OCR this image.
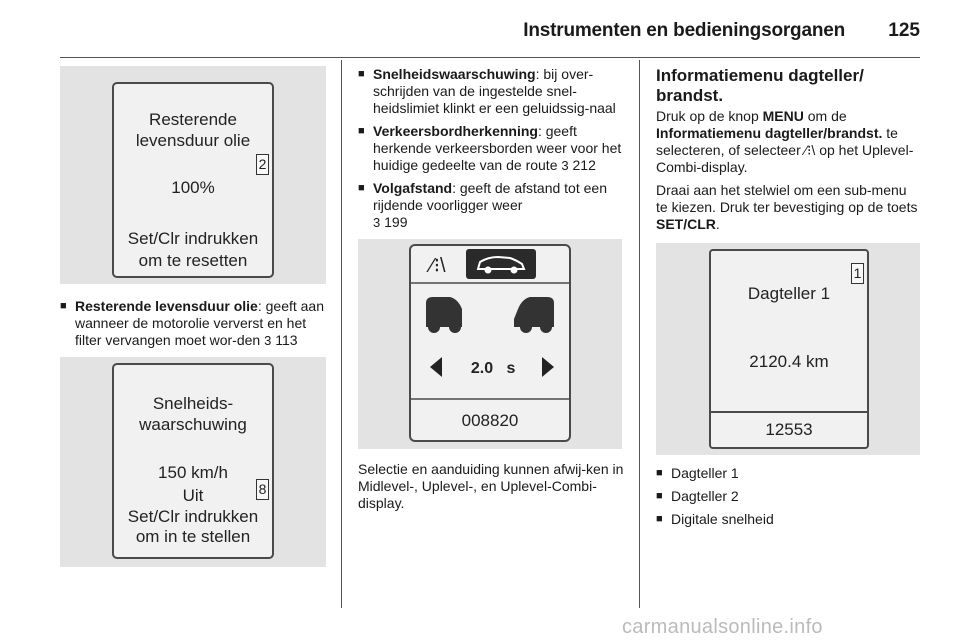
Instrumenten en bedieningsorganen 125
Resterende
levensduur olie
2
100%
Set/Clr indrukken
om te resetten
■ Resterende levensduur olie: geeft aan wanneer de motorolie ververst en het filter vervangen moet wor-den 3 113
Snelheids-
waarschuwing
150 km/h
8
Uit
Set/Clr indrukken
om in te stellen
■ Snelheidswaarschuwing: bij over-schrijden van de ingestelde snel-heidslimiet klinkt er een geluidssig-naal
■ Verkeersbordherkenning: geeft herkende verkeersborden weer voor het huidige gedeelte van de route 3 212
■ Volgafstand: geeft de afstand tot een rijdende voorligger weer
3 199
⁄⁝\
2.0 s
008820
Selectie en aanduiding kunnen afwij-ken in Midlevel-, Uplevel-, en Uplevel-Combi-display.
Informatiemenu dagteller/ brandst.
Druk op de knop MENU om de Informatiemenu dagteller/brandst. te selecteren, of selecteer ⁄⁝\ op het Uplevel-Combi-display.
Draai aan het stelwiel om een sub-menu te kiezen. Druk ter bevestiging op de toets SET/CLR.
1
Dagteller 1
2120.4 km
12553
■ Dagteller 1
■ Dagteller 2
■ Digitale snelheid
carmanualsonline.info
